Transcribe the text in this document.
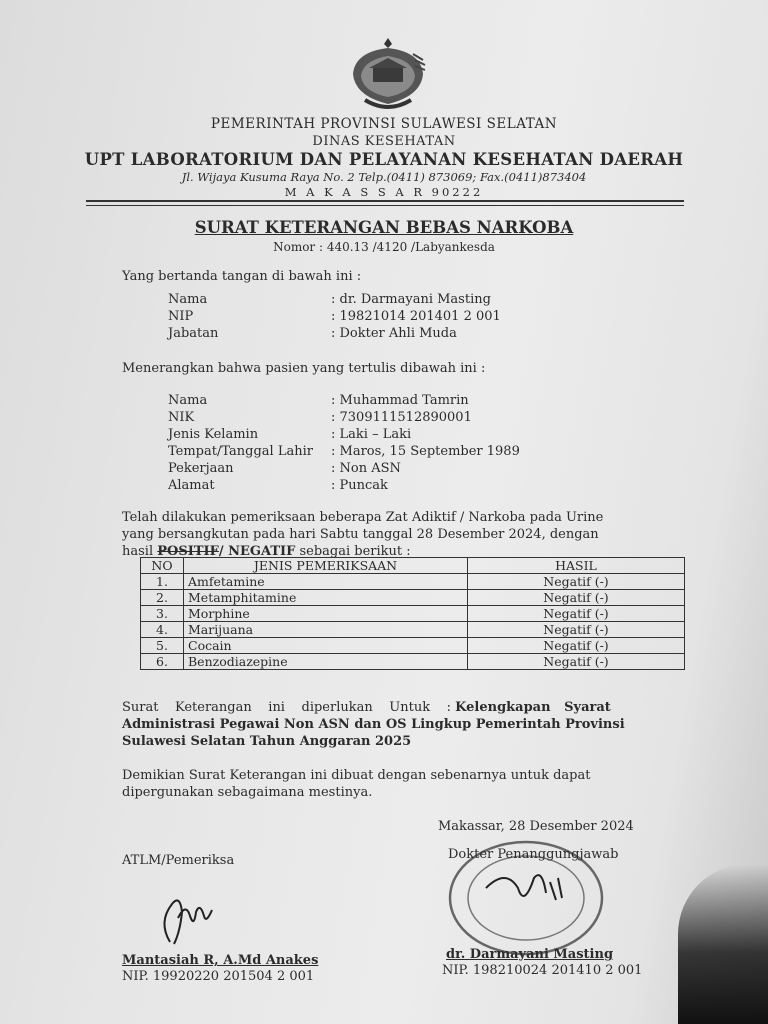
PEMERINTAH PROVINSI SULAWESI SELATAN
DINAS KESEHATAN
UPT LABORATORIUM DAN PELAYANAN KESEHATAN DAERAH
Jl. Wijaya Kusuma Raya No. 2 Telp.(0411) 873069; Fax.(0411)873404
M A K A S S A R 90222
SURAT KETERANGAN BEBAS NARKOBA
Nomor : 440.13 /4120 /Labyankesda
Yang bertanda tangan di bawah ini :
Nama	: dr. Darmayani Masting
NIP	: 19821014 201401 2 001
Jabatan	: Dokter Ahli Muda
Menerangkan bahwa pasien yang tertulis dibawah ini :
Nama	: Muhammad Tamrin
NIK	: 7309111512890001
Jenis Kelamin	: Laki – Laki
Tempat/Tanggal Lahir : Maros, 15 September 1989
Pekerjaan	: Non ASN
Alamat	: Puncak
Telah dilakukan pemeriksaan beberapa Zat Adiktif / Narkoba pada Urine
yang bersangkutan pada hari Sabtu tanggal 28 Desember 2024, dengan
hasil POSITIF/ NEGATIF sebagai berikut :
NO	JENIS PEMERIKSAAN	HASIL
1.	Amfetamine	Negatif (-)
2.	Metamphitamine	Negatif (-)
3.	Morphine	Negatif (-)
4.	Marijuana	Negatif (-)
5.	Cocain	Negatif (-)
6.	Benzodiazepine	Negatif (-)
Surat    Keterangan    ini    diperlukan    Untuk    : Kelengkapan   Syarat
Administrasi Pegawai Non ASN dan OS Lingkup Pemerintah Provinsi
Sulawesi Selatan Tahun Anggaran 2025
Demikian Surat Keterangan ini dibuat dengan sebenarnya untuk dapat
dipergunakan sebagaimana mestinya.
Makassar, 28 Desember 2024
ATLM/Pemeriksa
Mantasiah R, A.Md Anakes
NIP. 19920220 201504 2 001
Dokter Penanggungjawab
dr. Darmayani Masting
NIP. 198210024 201410 2 001
